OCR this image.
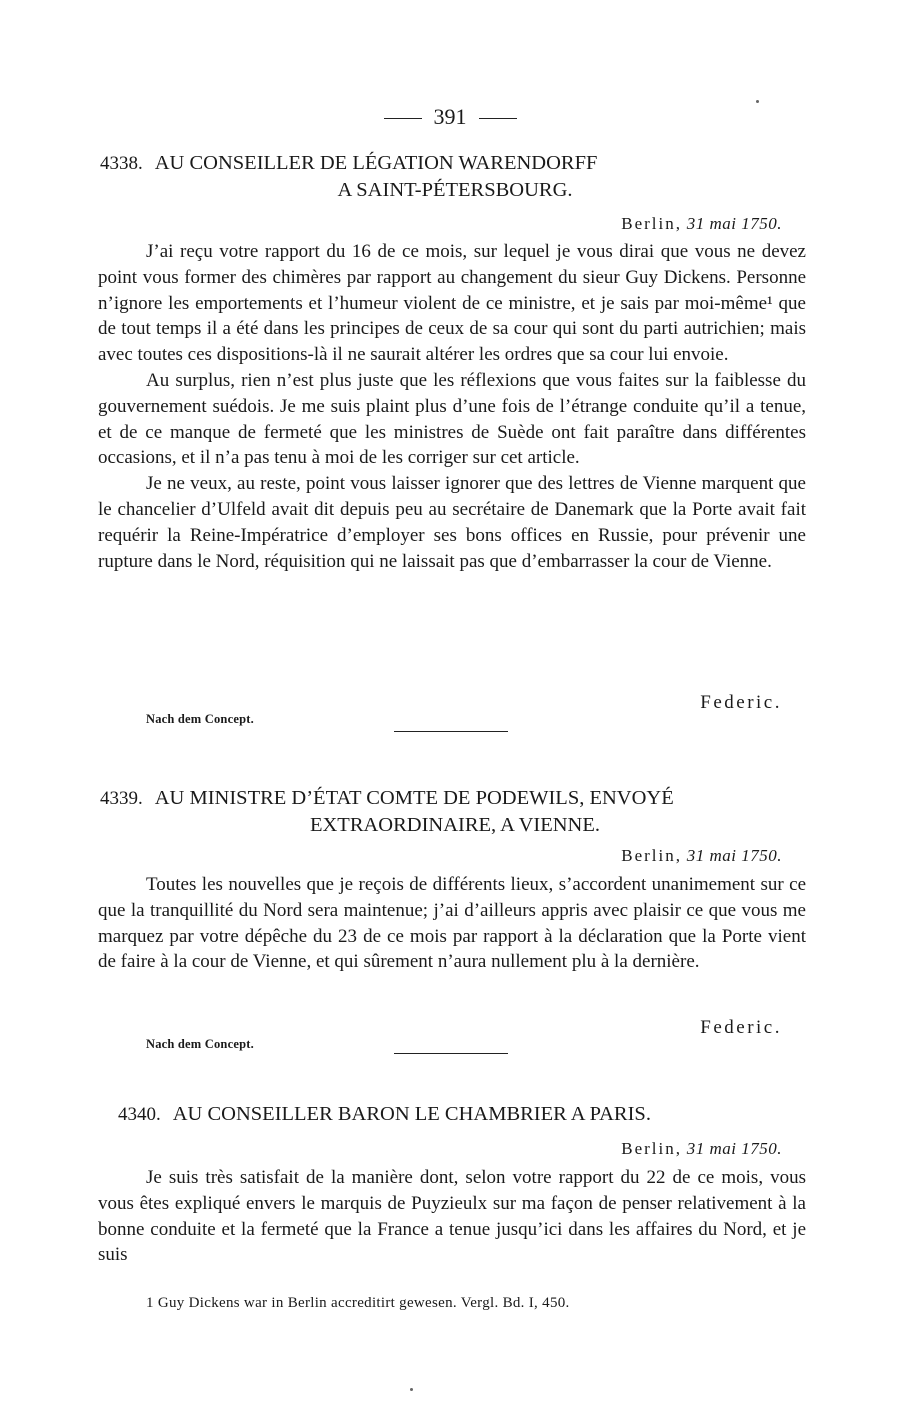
391
4338. AU CONSEILLER DE LÉGATION WARENDORFF
A SAINT-PÉTERSBOURG.
Berlin, 31 mai 1750.

J’ai reçu votre rapport du 16 de ce mois, sur lequel je vous dirai que vous ne devez point vous former des chimères par rapport au changement du sieur Guy Dickens. Personne n’ignore les emportements et l’humeur violent de ce ministre, et je sais par moi-même¹ que de tout temps il a été dans les principes de ceux de sa cour qui sont du parti autrichien; mais avec toutes ces dispositions-là il ne saurait altérer les ordres que sa cour lui envoie.

Au surplus, rien n’est plus juste que les réflexions que vous faites sur la faiblesse du gouvernement suédois. Je me suis plaint plus d’une fois de l’étrange conduite qu’il a tenue, et de ce manque de fermeté que les ministres de Suède ont fait paraître dans différentes occasions, et il n’a pas tenu à moi de les corriger sur cet article.

Je ne veux, au reste, point vous laisser ignorer que des lettres de Vienne marquent que le chancelier d’Ulfeld avait dit depuis peu au secrétaire de Danemark que la Porte avait fait requérir la Reine-Impératrice d’employer ses bons offices en Russie, pour prévenir une rupture dans le Nord, réquisition qui ne laissait pas que d’embarrasser la cour de Vienne.

Federic.
Nach dem Concept.
4339. AU MINISTRE D’ÉTAT COMTE DE PODEWILS, ENVOYÉ
EXTRAORDINAIRE, A VIENNE.
Berlin, 31 mai 1750.

Toutes les nouvelles que je reçois de différents lieux, s’accordent unanimement sur ce que la tranquillité du Nord sera maintenue; j’ai d’ailleurs appris avec plaisir ce que vous me marquez par votre dépêche du 23 de ce mois par rapport à la déclaration que la Porte vient de faire à la cour de Vienne, et qui sûrement n’aura nullement plu à la dernière.

Federic.
Nach dem Concept.
4340. AU CONSEILLER BARON LE CHAMBRIER A PARIS.
Berlin, 31 mai 1750.

Je suis très satisfait de la manière dont, selon votre rapport du 22 de ce mois, vous vous êtes expliqué envers le marquis de Puyzieulx sur ma façon de penser relativement à la bonne conduite et la fermeté que la France a tenue jusqu’ici dans les affaires du Nord, et je suis

1 Guy Dickens war in Berlin accreditirt gewesen. Vergl. Bd. I, 450.
